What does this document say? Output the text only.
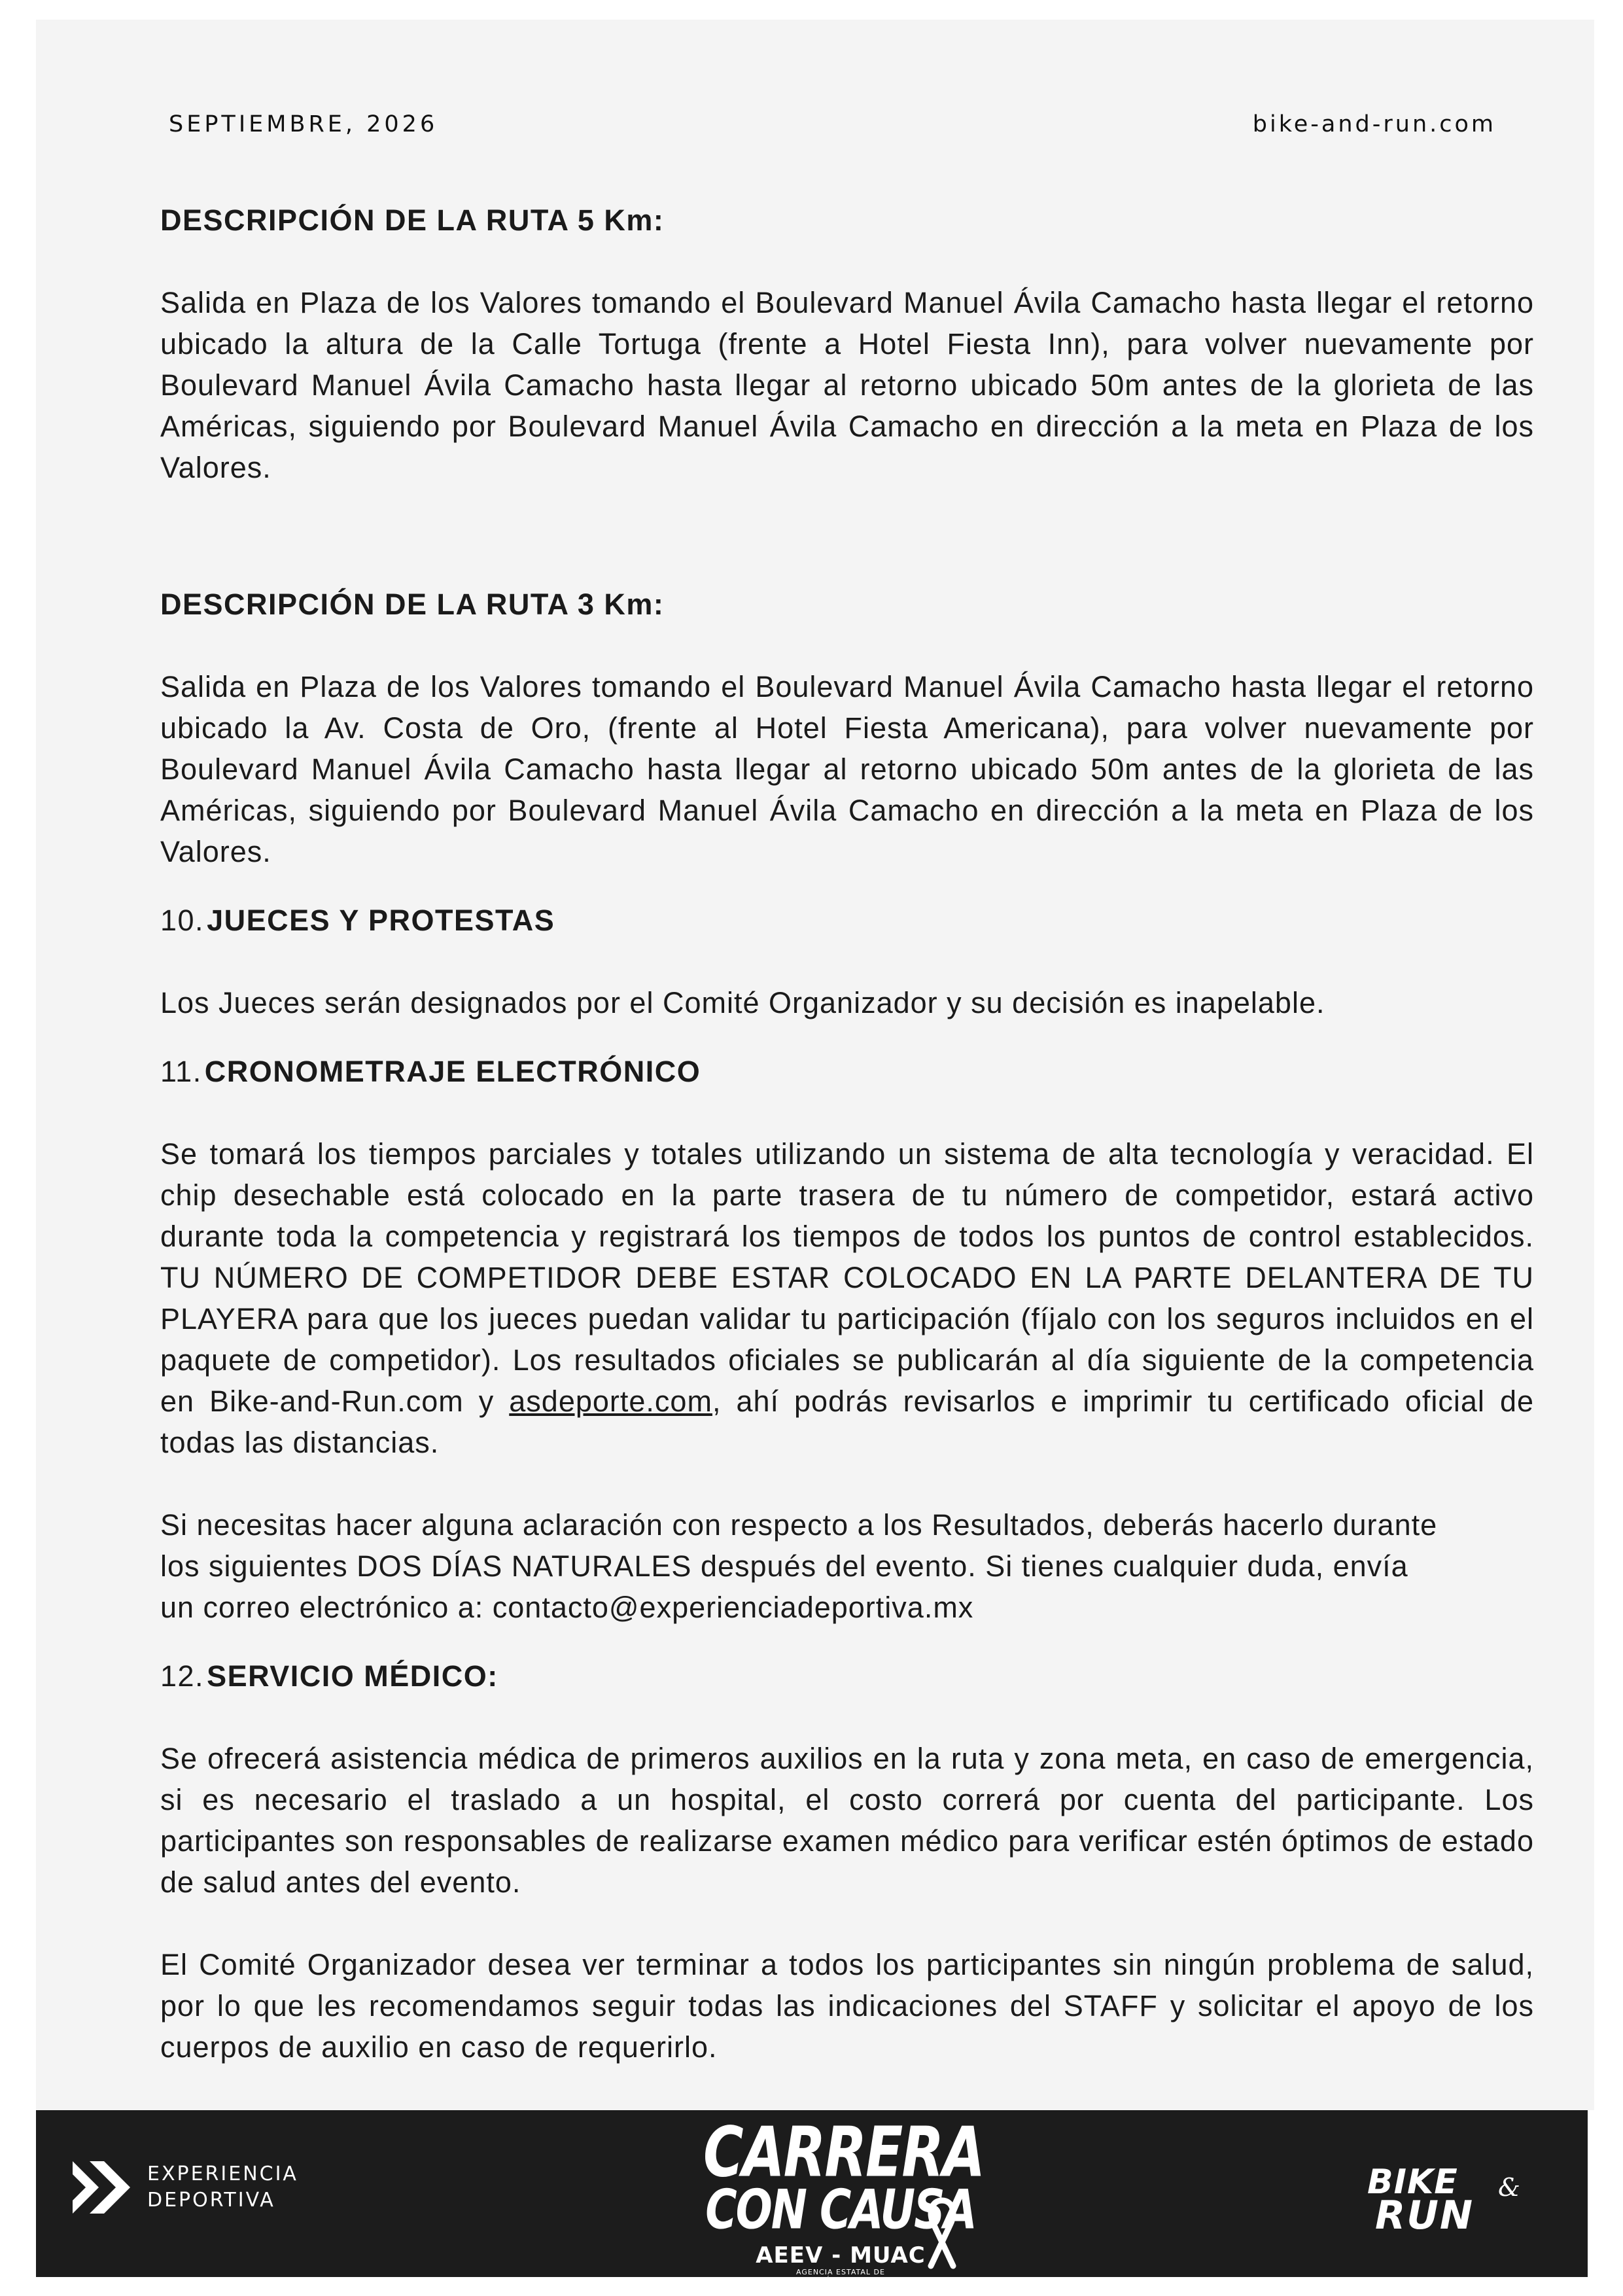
SEPTIEMBRE, 2026	bike-and-run.com
DESCRIPCIÓN DE LA RUTA 5 Km:

Salida en Plaza de los Valores tomando el Boulevard Manuel Ávila Camacho hasta llegar el retorno ubicado la altura de la Calle Tortuga (frente a Hotel Fiesta Inn), para volver nuevamente por Boulevard Manuel Ávila Camacho hasta llegar al retorno ubicado 50m antes de la glorieta de las Américas, siguiendo por Boulevard Manuel Ávila Camacho en dirección a la meta en Plaza de los Valores.

DESCRIPCIÓN DE LA RUTA 3 Km:

Salida en Plaza de los Valores tomando el Boulevard Manuel Ávila Camacho hasta llegar el retorno ubicado la Av. Costa de Oro, (frente al Hotel Fiesta Americana), para volver nuevamente por Boulevard Manuel Ávila Camacho hasta llegar al retorno ubicado 50m antes de la glorieta de las Américas, siguiendo por Boulevard Manuel Ávila Camacho en dirección a la meta en Plaza de los Valores.

10. JUECES Y PROTESTAS

Los Jueces serán designados por el Comité Organizador y su decisión es inapelable.

11. CRONOMETRAJE ELECTRÓNICO

Se tomará los tiempos parciales y totales utilizando un sistema de alta tecnología y veracidad. El chip desechable está colocado en la parte trasera de tu número de competidor, estará activo durante toda la competencia y registrará los tiempos de todos los puntos de control establecidos. TU NÚMERO DE COMPETIDOR DEBE ESTAR COLOCADO EN LA PARTE DELANTERA DE TU PLAYERA para que los jueces puedan validar tu participación (fíjalo con los seguros incluidos en el paquete de competidor). Los resultados oficiales se publicarán al día siguiente de la competencia en Bike-and-Run.com y asdeporte.com, ahí podrás revisarlos e imprimir tu certificado oficial de todas las distancias.

Si necesitas hacer alguna aclaración con respecto a los Resultados, deberás hacerlo durante
los siguientes DOS DÍAS NATURALES después del evento. Si tienes cualquier duda, envía
un correo electrónico a: contacto@experienciadeportiva.mx

12. SERVICIO MÉDICO:

Se ofrecerá asistencia médica de primeros auxilios en la ruta y zona meta, en caso de emergencia, si es necesario el traslado a un hospital, el costo correrá por cuenta del participante. Los participantes son responsables de realizarse examen médico para verificar estén óptimos de estado de salud antes del evento.

El Comité Organizador desea ver terminar a todos los participantes sin ningún problema de salud, por lo que les recomendamos seguir todas las indicaciones del STAFF y solicitar el apoyo de los cuerpos de auxilio en caso de requerirlo.

EXPERIENCIA
DEPORTIVA
CARRERA
CON CAUSA
AEEV - MUAC
AGENCIA ESTATAL DE
ENERGÍA VERACRUZ
BIKE &
RUN
